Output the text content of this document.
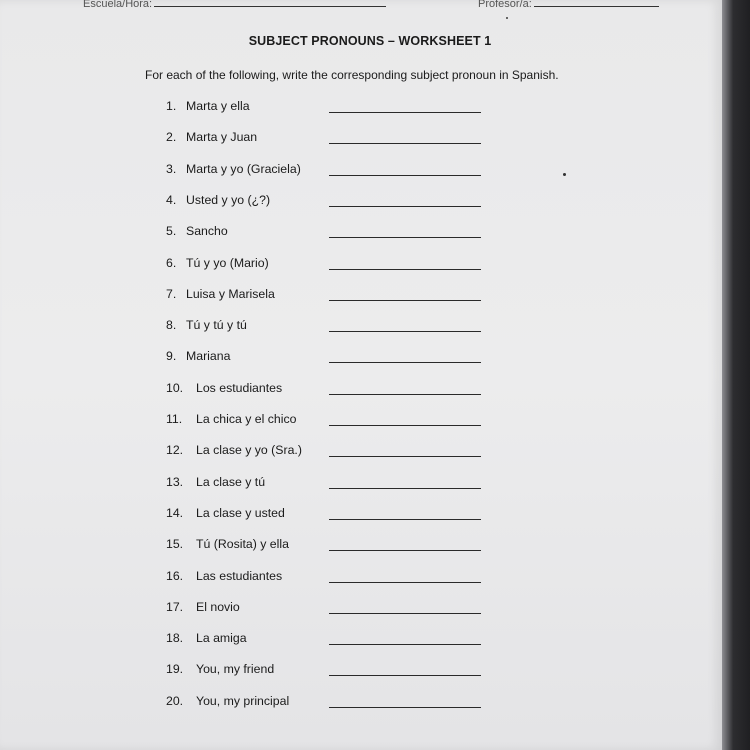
Escuela/Hora:	Profesor/a:
SUBJECT PRONOUNS – WORKSHEET 1
For each of the following, write the corresponding subject pronoun in Spanish.
1. Marta y ella
2. Marta y Juan
3. Marta y yo (Graciela)
4. Usted y yo (¿?)
5. Sancho
6. Tú y yo (Mario)
7. Luisa y Marisela
8. Tú y tú y tú
9. Mariana
10. Los estudiantes
11. La chica y el chico
12. La clase y yo (Sra.)
13. La clase y tú
14. La clase y usted
15. Tú (Rosita) y ella
16. Las estudiantes
17. El novio
18. La amiga
19. You, my friend
20. You, my principal
